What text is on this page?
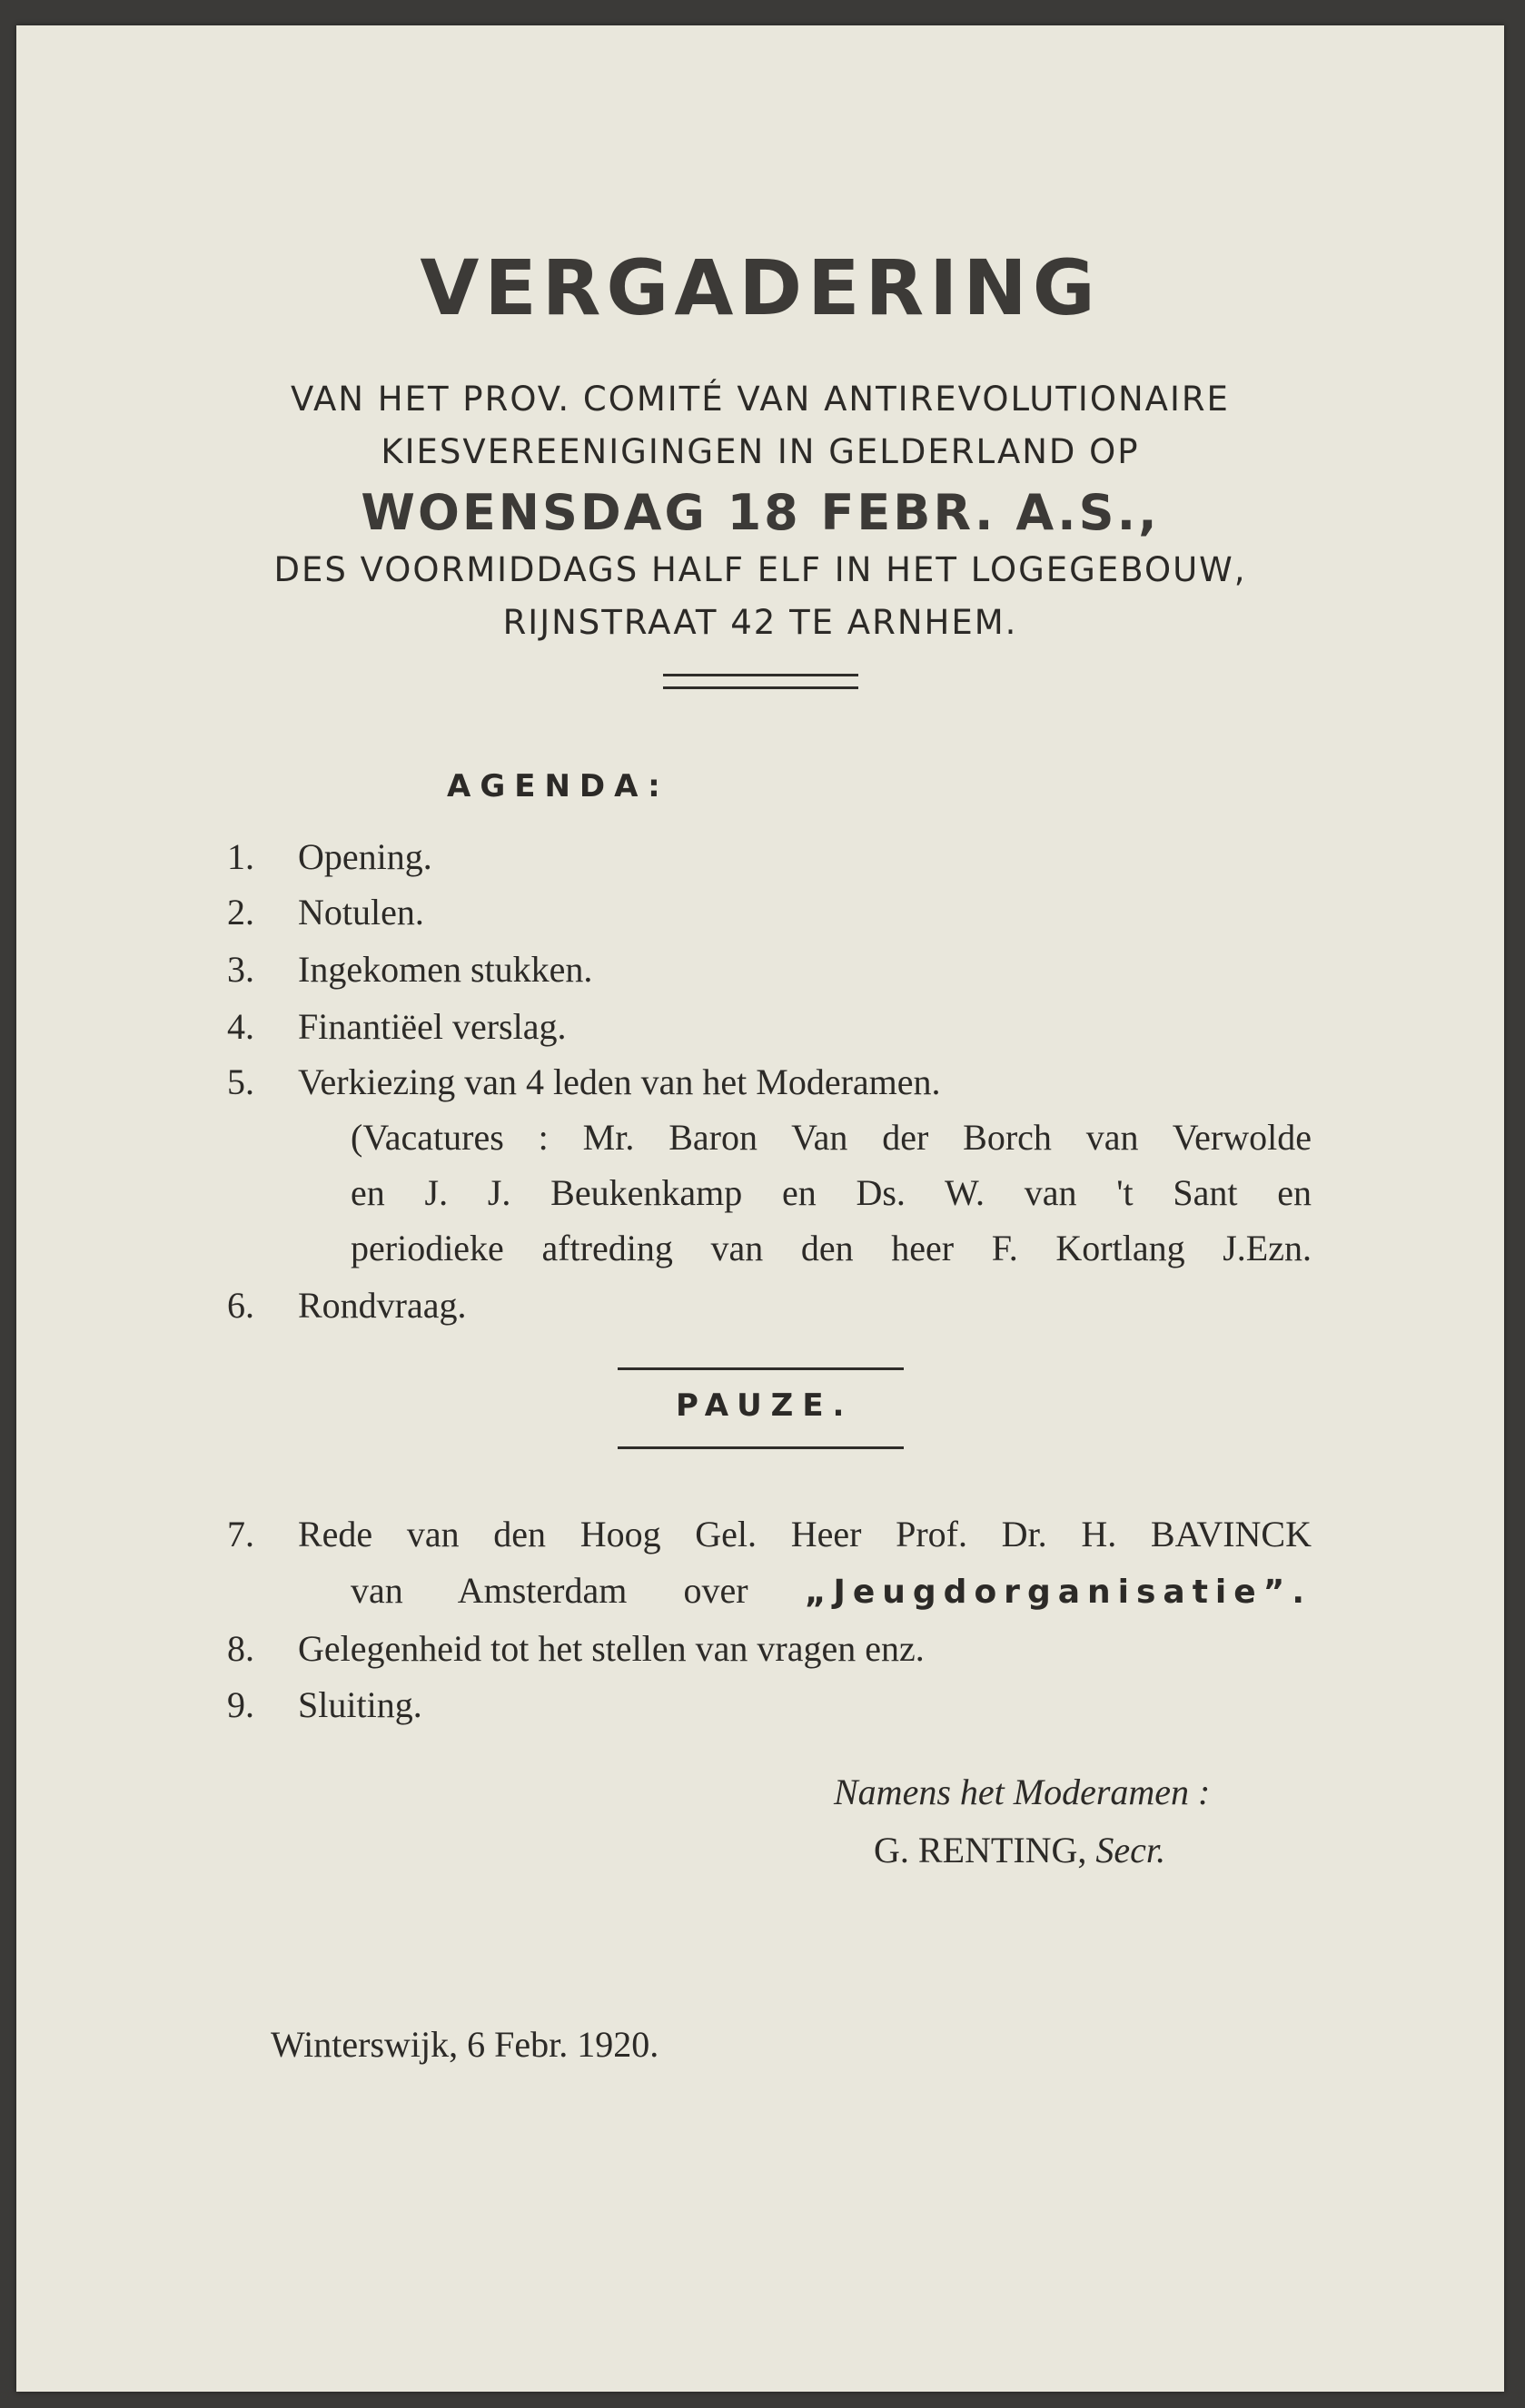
VERGADERING
VAN HET PROV. COMITÉ VAN ANTIREVOLUTIONAIRE
KIESVEREENIGINGEN IN GELDERLAND OP
WOENSDAG 18 FEBR. A.S.,
DES VOORMIDDAGS HALF ELF IN HET LOGEGEBOUW,
RIJNSTRAAT 42 TE ARNHEM.
AGENDA:
1. Opening.
2. Notulen.
3. Ingekomen stukken.
4. Finantiëel verslag.
5. Verkiezing van 4 leden van het Moderamen.
(Vacatures : Mr. Baron Van der Borch van Verwolde
en J. J. Beukenkamp en Ds. W. van 't Sant en
periodieke aftreding van den heer F. Kortlang J.Ezn.
6. Rondvraag.
PAUZE.
7. Rede van den Hoog Gel. Heer Prof. Dr. H. BAVINCK
van Amsterdam over „Jeugdorganisatie”.
8. Gelegenheid tot het stellen van vragen enz.
9. Sluiting.
Namens het Moderamen :
G. RENTING, Secr.
Winterswijk, 6 Febr. 1920.
